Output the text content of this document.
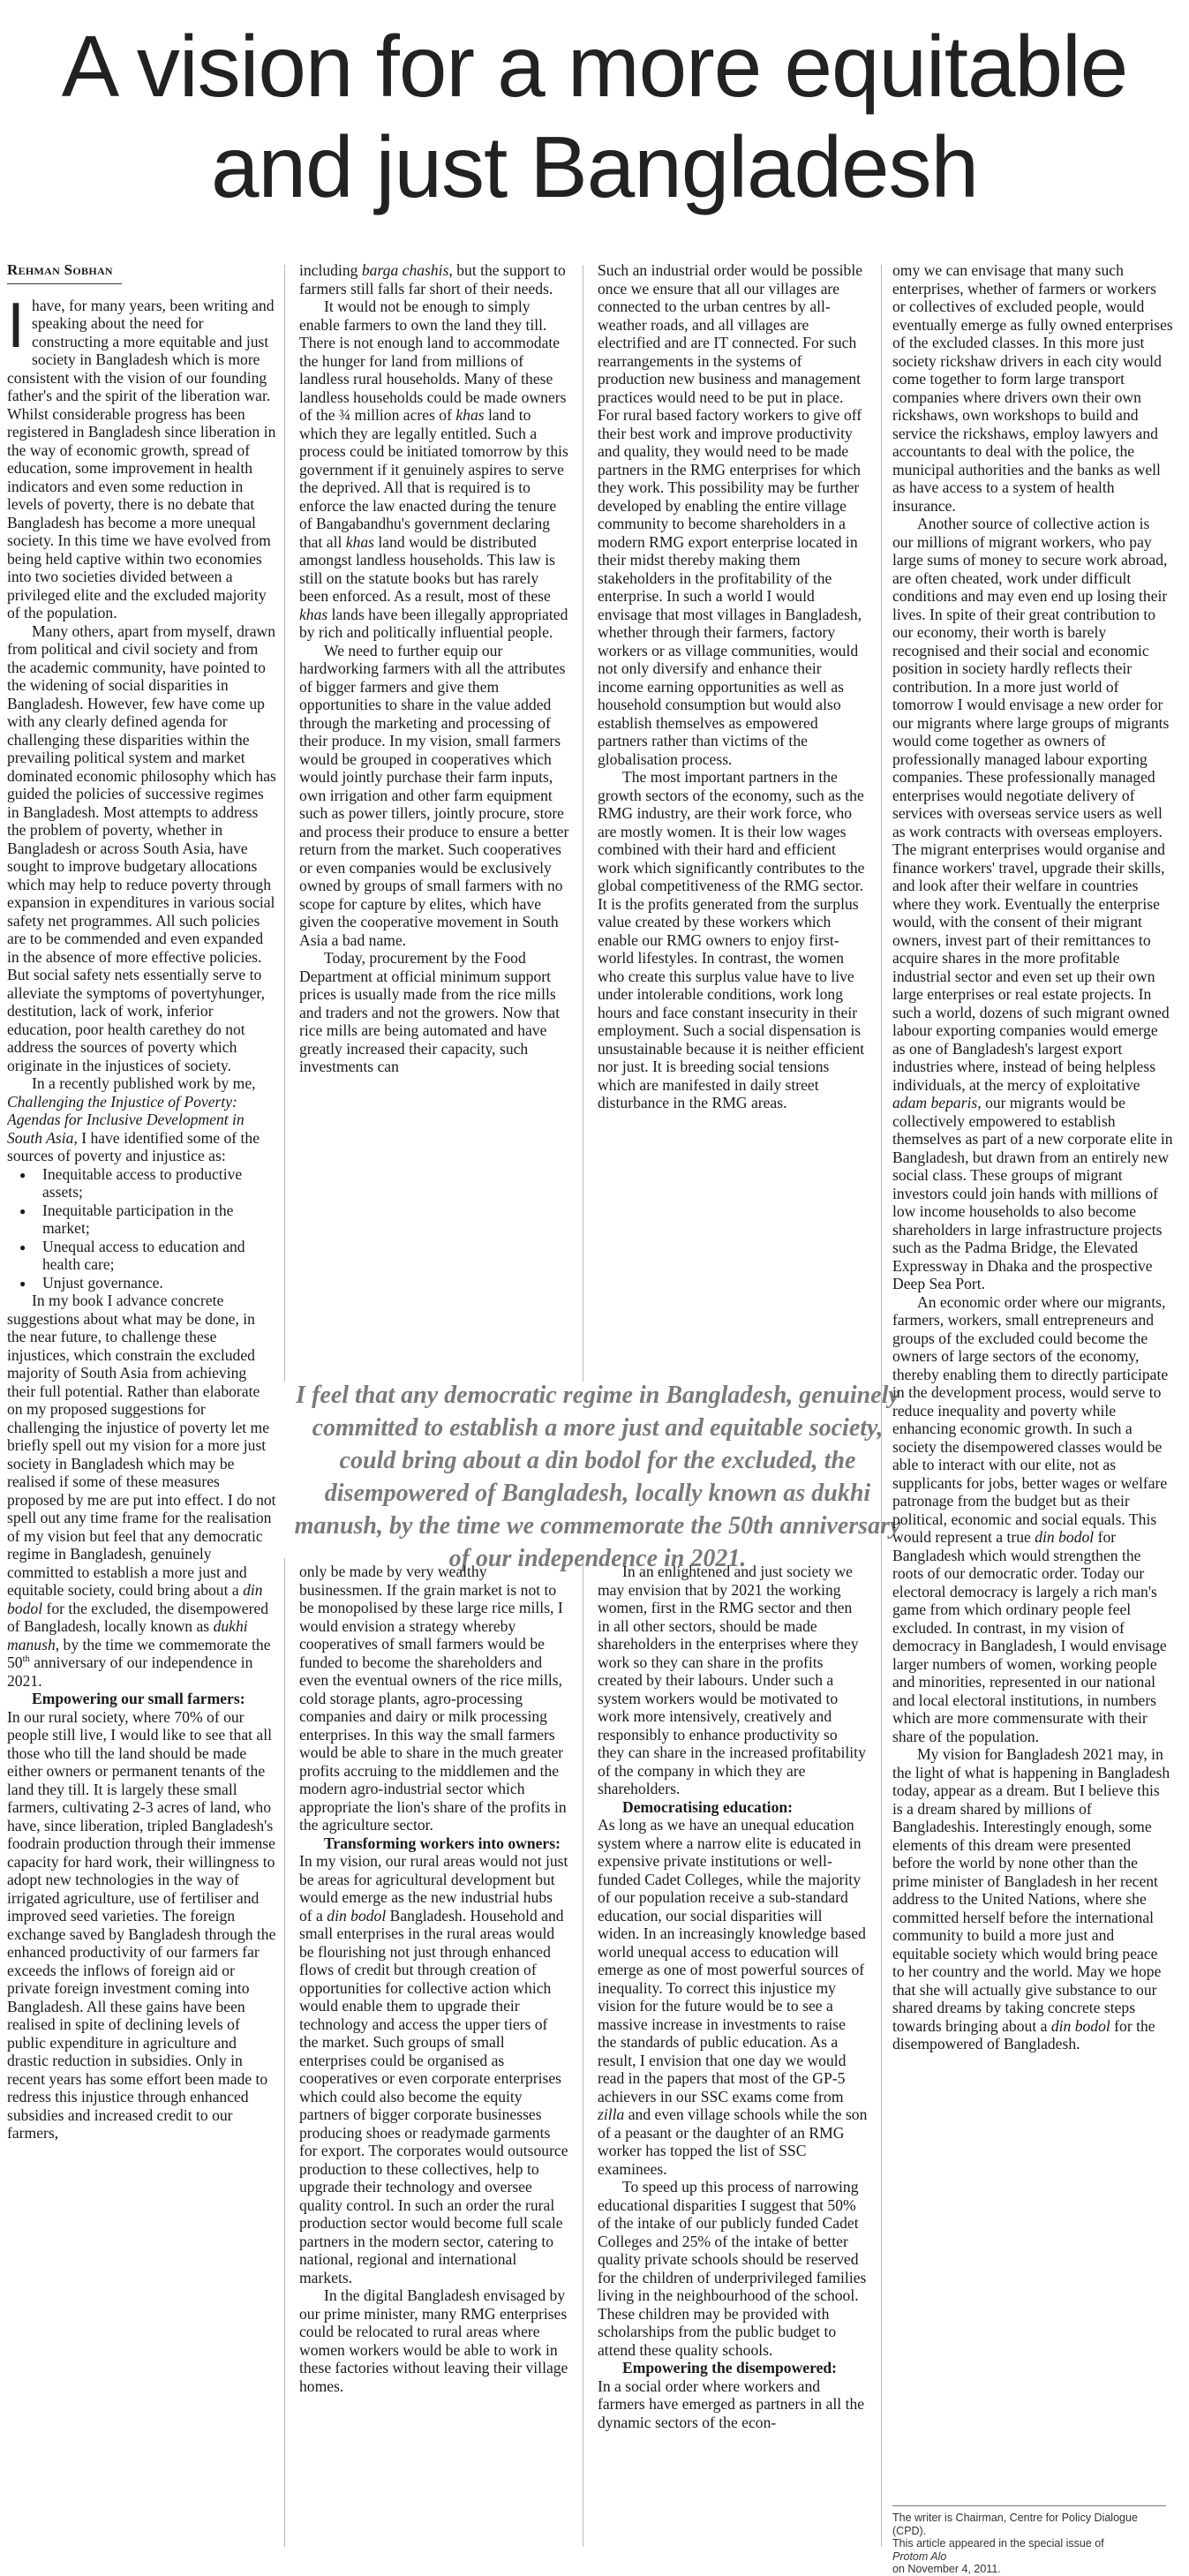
A vision for a more equitable and just Bangladesh
Rehman Sobhan

Ihave, for many years, been writing and speaking about the need for constructing a more equitable and just society in Bangladesh which is more consistent with the vision of our founding father's and the spirit of the liberation war. Whilst considerable progress has been registered in Bangladesh since liberation in the way of economic growth, spread of education, some improvement in health indicators and even some reduction in levels of poverty, there is no debate that Bangladesh has become a more unequal society. In this time we have evolved from being held captive within two economies into two societies divided between a privileged elite and the excluded majority of the population.

Many others, apart from myself, drawn from political and civil society and from the academic community, have pointed to the widening of social disparities in Bangladesh. However, few have come up with any clearly defined agenda for challenging these disparities within the prevailing political system and market dominated economic philosophy which has guided the policies of successive regimes in Bangladesh. Most attempts to address the problem of poverty, whether in Bangladesh or across South Asia, have sought to improve budgetary allocations which may help to reduce poverty through expansion in expenditures in various social safety net programmes. All such policies are to be commended and even expanded in the absence of more effective policies. But social safety nets essentially serve to alleviate the symptoms of povertyhunger, destitution, lack of work, inferior education, poor health carethey do not address the sources of poverty which originate in the injustices of society.

In a recently published work by me, Challenging the Injustice of Poverty: Agendas for Inclusive Development in South Asia, I have identified some of the sources of poverty and injustice as:

● Inequitable access to productive assets;
● Inequitable participation in the market;
● Unequal access to education and health care;
● Unjust governance.

In my book I advance concrete suggestions about what may be done, in the near future, to challenge these injustices, which constrain the excluded majority of South Asia from achieving their full potential. Rather than elaborate on my proposed suggestions for challenging the injustice of poverty let me briefly spell out my vision for a more just society in Bangladesh which may be realised if some of these measures proposed by me are put into effect. I do not spell out any time frame for the realisation of my vision but feel that any democratic regime in Bangladesh, genuinely committed to establish a more just and equitable society, could bring about a din bodol for the excluded, the disempowered of Bangladesh, locally known as dukhi manush, by the time we commemorate the 50th anniversary of our independence in 2021.

Empowering our small farmers:

In our rural society, where 70% of our people still live, I would like to see that all those who till the land should be made either owners or permanent tenants of the land they till. It is largely these small farmers, cultivating 2-3 acres of land, who have, since liberation, tripled Bangladesh's foodrain production through their immense capacity for hard work, their willingness to adopt new technologies in the way of irrigated agriculture, use of fertiliser and improved seed varieties. The foreign exchange saved by Bangladesh through the enhanced productivity of our farmers far exceeds the inflows of foreign aid or private foreign investment coming into Bangladesh. All these gains have been realised in spite of declining levels of public expenditure in agriculture and drastic reduction in subsidies. Only in recent years has some effort been made to redress this injustice through enhanced subsidies and increased credit to our farmers,

including barga chashis, but the support to farmers still falls far short of their needs.

It would not be enough to simply enable farmers to own the land they till. There is not enough land to accommodate the hunger for land from millions of landless rural households. Many of these landless households could be made owners of the ¾ million acres of khas land to which they are legally entitled. Such a process could be initiated tomorrow by this government if it genuinely aspires to serve the deprived. All that is required is to enforce the law enacted during the tenure of Bangabandhu's government declaring that all khas land would be distributed amongst landless households. This law is still on the statute books but has rarely been enforced. As a result, most of these khas lands have been illegally appropriated by rich and politically influential people.

We need to further equip our hardworking farmers with all the attributes of bigger farmers and give them opportunities to share in the value added through the marketing and processing of their produce. In my vision, small farmers would be grouped in cooperatives which would jointly purchase their farm inputs, own irrigation and other farm equipment such as power tillers, jointly procure, store and process their produce to ensure a better return from the market. Such cooperatives or even companies would be exclusively owned by groups of small farmers with no scope for capture by elites, which have given the cooperative movement in South Asia a bad name.

Today, procurement by the Food Department at official minimum support prices is usually made from the rice mills and traders and not the growers. Now that rice mills are being automated and have greatly increased their capacity, such investments can

Such an industrial order would be possible once we ensure that all our villages are connected to the urban centres by all- weather roads, and all villages are electrified and are IT connected. For such rearrangements in the systems of production new business and management practices would need to be put in place. For rural based factory workers to give off their best work and improve productivity and quality, they would need to be made partners in the RMG enterprises for which they work. This possibility may be further developed by enabling the entire village community to become shareholders in a modern RMG export enterprise located in their midst thereby making them stakeholders in the profitability of the enterprise. In such a world I would envisage that most villages in Bangladesh, whether through their farmers, factory workers or as village communities, would not only diversify and enhance their income earning opportunities as well as household consumption but would also establish themselves as empowered partners rather than victims of the globalisation process.

The most important partners in the growth sectors of the economy, such as the RMG industry, are their work force, who are mostly women. It is their low wages combined with their hard and efficient work which significantly contributes to the global competitiveness of the RMG sector. It is the profits generated from the surplus value created by these workers which enable our RMG owners to enjoy first-world lifestyles. In contrast, the women who create this surplus value have to live under intolerable conditions, work long hours and face constant insecurity in their employment. Such a social dispensation is unsustainable because it is neither efficient nor just. It is breeding social tensions which are manifested in daily street disturbance in the RMG areas.

I feel that any democratic regime in Bangladesh, genuinely committed to establish a more just and equitable society, could bring about a din bodol for the excluded, the disempowered of Bangladesh, locally known as dukhi manush, by the time we commemorate the 50th anniversary of our independence in 2021.

only be made by very wealthy businessmen. If the grain market is not to be monopolised by these large rice mills, I would envision a strategy whereby cooperatives of small farmers would be funded to become the shareholders and even the eventual owners of the rice mills, cold storage plants, agro-processing companies and dairy or milk processing enterprises. In this way the small farmers would be able to share in the much greater profits accruing to the middlemen and the modern agro-industrial sector which appropriate the lion's share of the profits in the agriculture sector.

Transforming workers into owners:

In my vision, our rural areas would not just be areas for agricultural development but would emerge as the new industrial hubs of a din bodol Bangladesh. Household and small enterprises in the rural areas would be flourishing not just through enhanced flows of credit but through creation of opportunities for collective action which would enable them to upgrade their technology and access the upper tiers of the market. Such groups of small enterprises could be organised as cooperatives or even corporate enterprises which could also become the equity partners of bigger corporate businesses producing shoes or readymade garments for export. The corporates would outsource production to these collectives, help to upgrade their technology and oversee quality control. In such an order the rural production sector would become full scale partners in the modern sector, catering to national, regional and international markets.

In the digital Bangladesh envisaged by our prime minister, many RMG enterprises could be relocated to rural areas where women workers would be able to work in these factories without leaving their village homes.

In an enlightened and just society we may envision that by 2021 the working women, first in the RMG sector and then in all other sectors, should be made shareholders in the enterprises where they work so they can share in the profits created by their labours. Under such a system workers would be motivated to work more intensively, creatively and responsibly to enhance productivity so they can share in the increased profitability of the company in which they are shareholders.

Democratising education:

As long as we have an unequal education system where a narrow elite is educated in expensive private institutions or well-funded Cadet Colleges, while the majority of our population receive a sub-standard education, our social disparities will widen. In an increasingly knowledge based world unequal access to education will emerge as one of most powerful sources of inequality. To correct this injustice my vision for the future would be to see a massive increase in investments to raise the standards of public education. As a result, I envision that one day we would read in the papers that most of the GP-5 achievers in our SSC exams come from zilla and even village schools while the son of a peasant or the daughter of an RMG worker has topped the list of SSC examinees.

To speed up this process of narrowing educational disparities I suggest that 50% of the intake of our publicly funded Cadet Colleges and 25% of the intake of better quality private schools should be reserved for the children of underprivileged families living in the neighbourhood of the school. These children may be provided with scholarships from the public budget to attend these quality schools.

Empowering the disempowered:

In a social order where workers and farmers have emerged as partners in all the dynamic sectors of the econ-

omy we can envisage that many such enterprises, whether of farmers or workers or collectives of excluded people, would eventually emerge as fully owned enterprises of the excluded classes. In this more just society rickshaw drivers in each city would come together to form large transport companies where drivers own their own rickshaws, own workshops to build and service the rickshaws, employ lawyers and accountants to deal with the police, the municipal authorities and the banks as well as have access to a system of health insurance.

Another source of collective action is our millions of migrant workers, who pay large sums of money to secure work abroad, are often cheated, work under difficult conditions and may even end up losing their lives. In spite of their great contribution to our economy, their worth is barely recognised and their social and economic position in society hardly reflects their contribution. In a more just world of tomorrow I would envisage a new order for our migrants where large groups of migrants would come together as owners of professionally managed labour exporting companies. These professionally managed enterprises would negotiate delivery of services with overseas service users as well as work contracts with overseas employers. The migrant enterprises would organise and finance workers' travel, upgrade their skills, and look after their welfare in countries where they work. Eventually the enterprise would, with the consent of their migrant owners, invest part of their remittances to acquire shares in the more profitable industrial sector and even set up their own large enterprises or real estate projects. In such a world, dozens of such migrant owned labour exporting companies would emerge as one of Bangladesh's largest export industries where, instead of being helpless individuals, at the mercy of exploitative adam beparis, our migrants would be collectively empowered to establish themselves as part of a new corporate elite in Bangladesh, but drawn from an entirely new social class. These groups of migrant investors could join hands with millions of low income households to also become shareholders in large infrastructure projects such as the Padma Bridge, the Elevated Expressway in Dhaka and the prospective Deep Sea Port.

An economic order where our migrants, farmers, workers, small entrepreneurs and groups of the excluded could become the owners of large sectors of the economy, thereby enabling them to directly participate in the development process, would serve to reduce inequality and poverty while enhancing economic growth. In such a society the disempowered classes would be able to interact with our elite, not as supplicants for jobs, better wages or welfare patronage from the budget but as their political, economic and social equals. This would represent a true din bodol for Bangladesh which would strengthen the roots of our democratic order. Today our electoral democracy is largely a rich man's game from which ordinary people feel excluded. In contrast, in my vision of democracy in Bangladesh, I would envisage larger numbers of women, working people and minorities, represented in our national and local electoral institutions, in numbers which are more commensurate with their share of the population.

My vision for Bangladesh 2021 may, in the light of what is happening in Bangladesh today, appear as a dream. But I believe this is a dream shared by millions of Bangladeshis. Interestingly enough, some elements of this dream were presented before the world by none other than the prime minister of Bangladesh in her recent address to the United Nations, where she committed herself before the international community to build a more just and equitable society which would bring peace to her country and the world. May we hope that she will actually give substance to our shared dreams by taking concrete steps towards bringing about a din bodol for the disempowered of Bangladesh.

The writer is Chairman, Centre for Policy Dialogue (CPD).
This article appeared in the special issue of
Protom Alo
on November 4, 2011.
